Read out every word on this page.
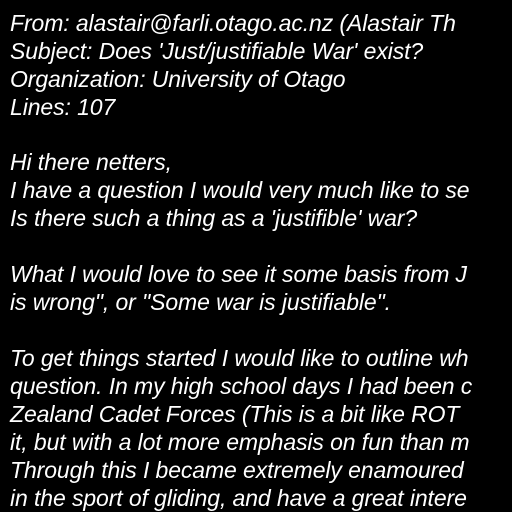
From: alastair@farli.otago.ac.nz (Alastair Th

Subject: Does 'Just/justifiable War' exist?

Organization: University of Otago

Lines: 107

Hi there netters,

I have a question I would very much like to se

Is there such a thing as a 'justifible' war?

What I would love to see it some basis from J

is wrong", or "Some war is justifiable".

To get things started I would like to outline wh

question. In my high school days I had been c

Zealand Cadet Forces (This is a bit like ROT

it, but with a lot more emphasis on fun than m

Through this I became extremely enamoured

in the sport of gliding, and have a great intere
